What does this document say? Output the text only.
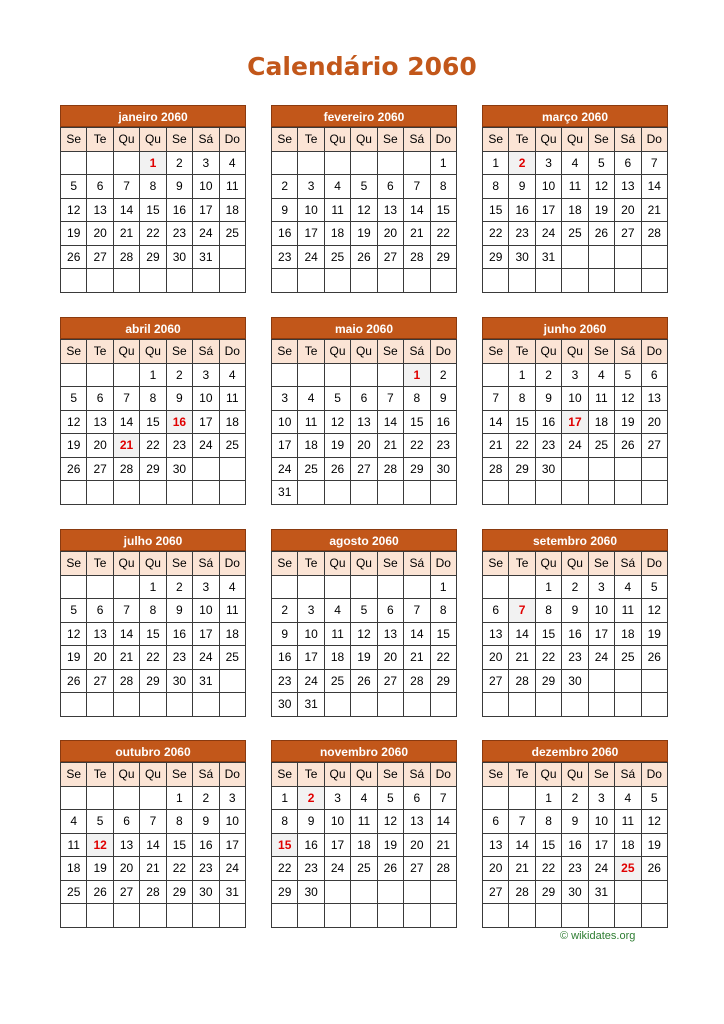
Calendário 2060
janeiro 2060
Se	Te	Qu	Qu	Se	Sá	Do
			1	2	3	4
5	6	7	8	9	10	11
12	13	14	15	16	17	18
19	20	21	22	23	24	25
26	27	28	29	30	31	

fevereiro 2060
Se	Te	Qu	Qu	Se	Sá	Do
						1
2	3	4	5	6	7	8
9	10	11	12	13	14	15
16	17	18	19	20	21	22
23	24	25	26	27	28	29

março 2060
Se	Te	Qu	Qu	Se	Sá	Do
1	2	3	4	5	6	7
8	9	10	11	12	13	14
15	16	17	18	19	20	21
22	23	24	25	26	27	28
29	30	31				

abril 2060
Se	Te	Qu	Qu	Se	Sá	Do
			1	2	3	4
5	6	7	8	9	10	11
12	13	14	15	16	17	18
19	20	21	22	23	24	25
26	27	28	29	30		

maio 2060
Se	Te	Qu	Qu	Se	Sá	Do
					1	2
3	4	5	6	7	8	9
10	11	12	13	14	15	16
17	18	19	20	21	22	23
24	25	26	27	28	29	30
31						
junho 2060
Se	Te	Qu	Qu	Se	Sá	Do
	1	2	3	4	5	6
7	8	9	10	11	12	13
14	15	16	17	18	19	20
21	22	23	24	25	26	27
28	29	30				

julho 2060
Se	Te	Qu	Qu	Se	Sá	Do
			1	2	3	4
5	6	7	8	9	10	11
12	13	14	15	16	17	18
19	20	21	22	23	24	25
26	27	28	29	30	31	

agosto 2060
Se	Te	Qu	Qu	Se	Sá	Do
						1
2	3	4	5	6	7	8
9	10	11	12	13	14	15
16	17	18	19	20	21	22
23	24	25	26	27	28	29
30	31					
setembro 2060
Se	Te	Qu	Qu	Se	Sá	Do
		1	2	3	4	5
6	7	8	9	10	11	12
13	14	15	16	17	18	19
20	21	22	23	24	25	26
27	28	29	30			

outubro 2060
Se	Te	Qu	Qu	Se	Sá	Do
				1	2	3
4	5	6	7	8	9	10
11	12	13	14	15	16	17
18	19	20	21	22	23	24
25	26	27	28	29	30	31

novembro 2060
Se	Te	Qu	Qu	Se	Sá	Do
1	2	3	4	5	6	7
8	9	10	11	12	13	14
15	16	17	18	19	20	21
22	23	24	25	26	27	28
29	30					

dezembro 2060
Se	Te	Qu	Qu	Se	Sá	Do
		1	2	3	4	5
6	7	8	9	10	11	12
13	14	15	16	17	18	19
20	21	22	23	24	25	26
27	28	29	30	31		

© wikidates.org
